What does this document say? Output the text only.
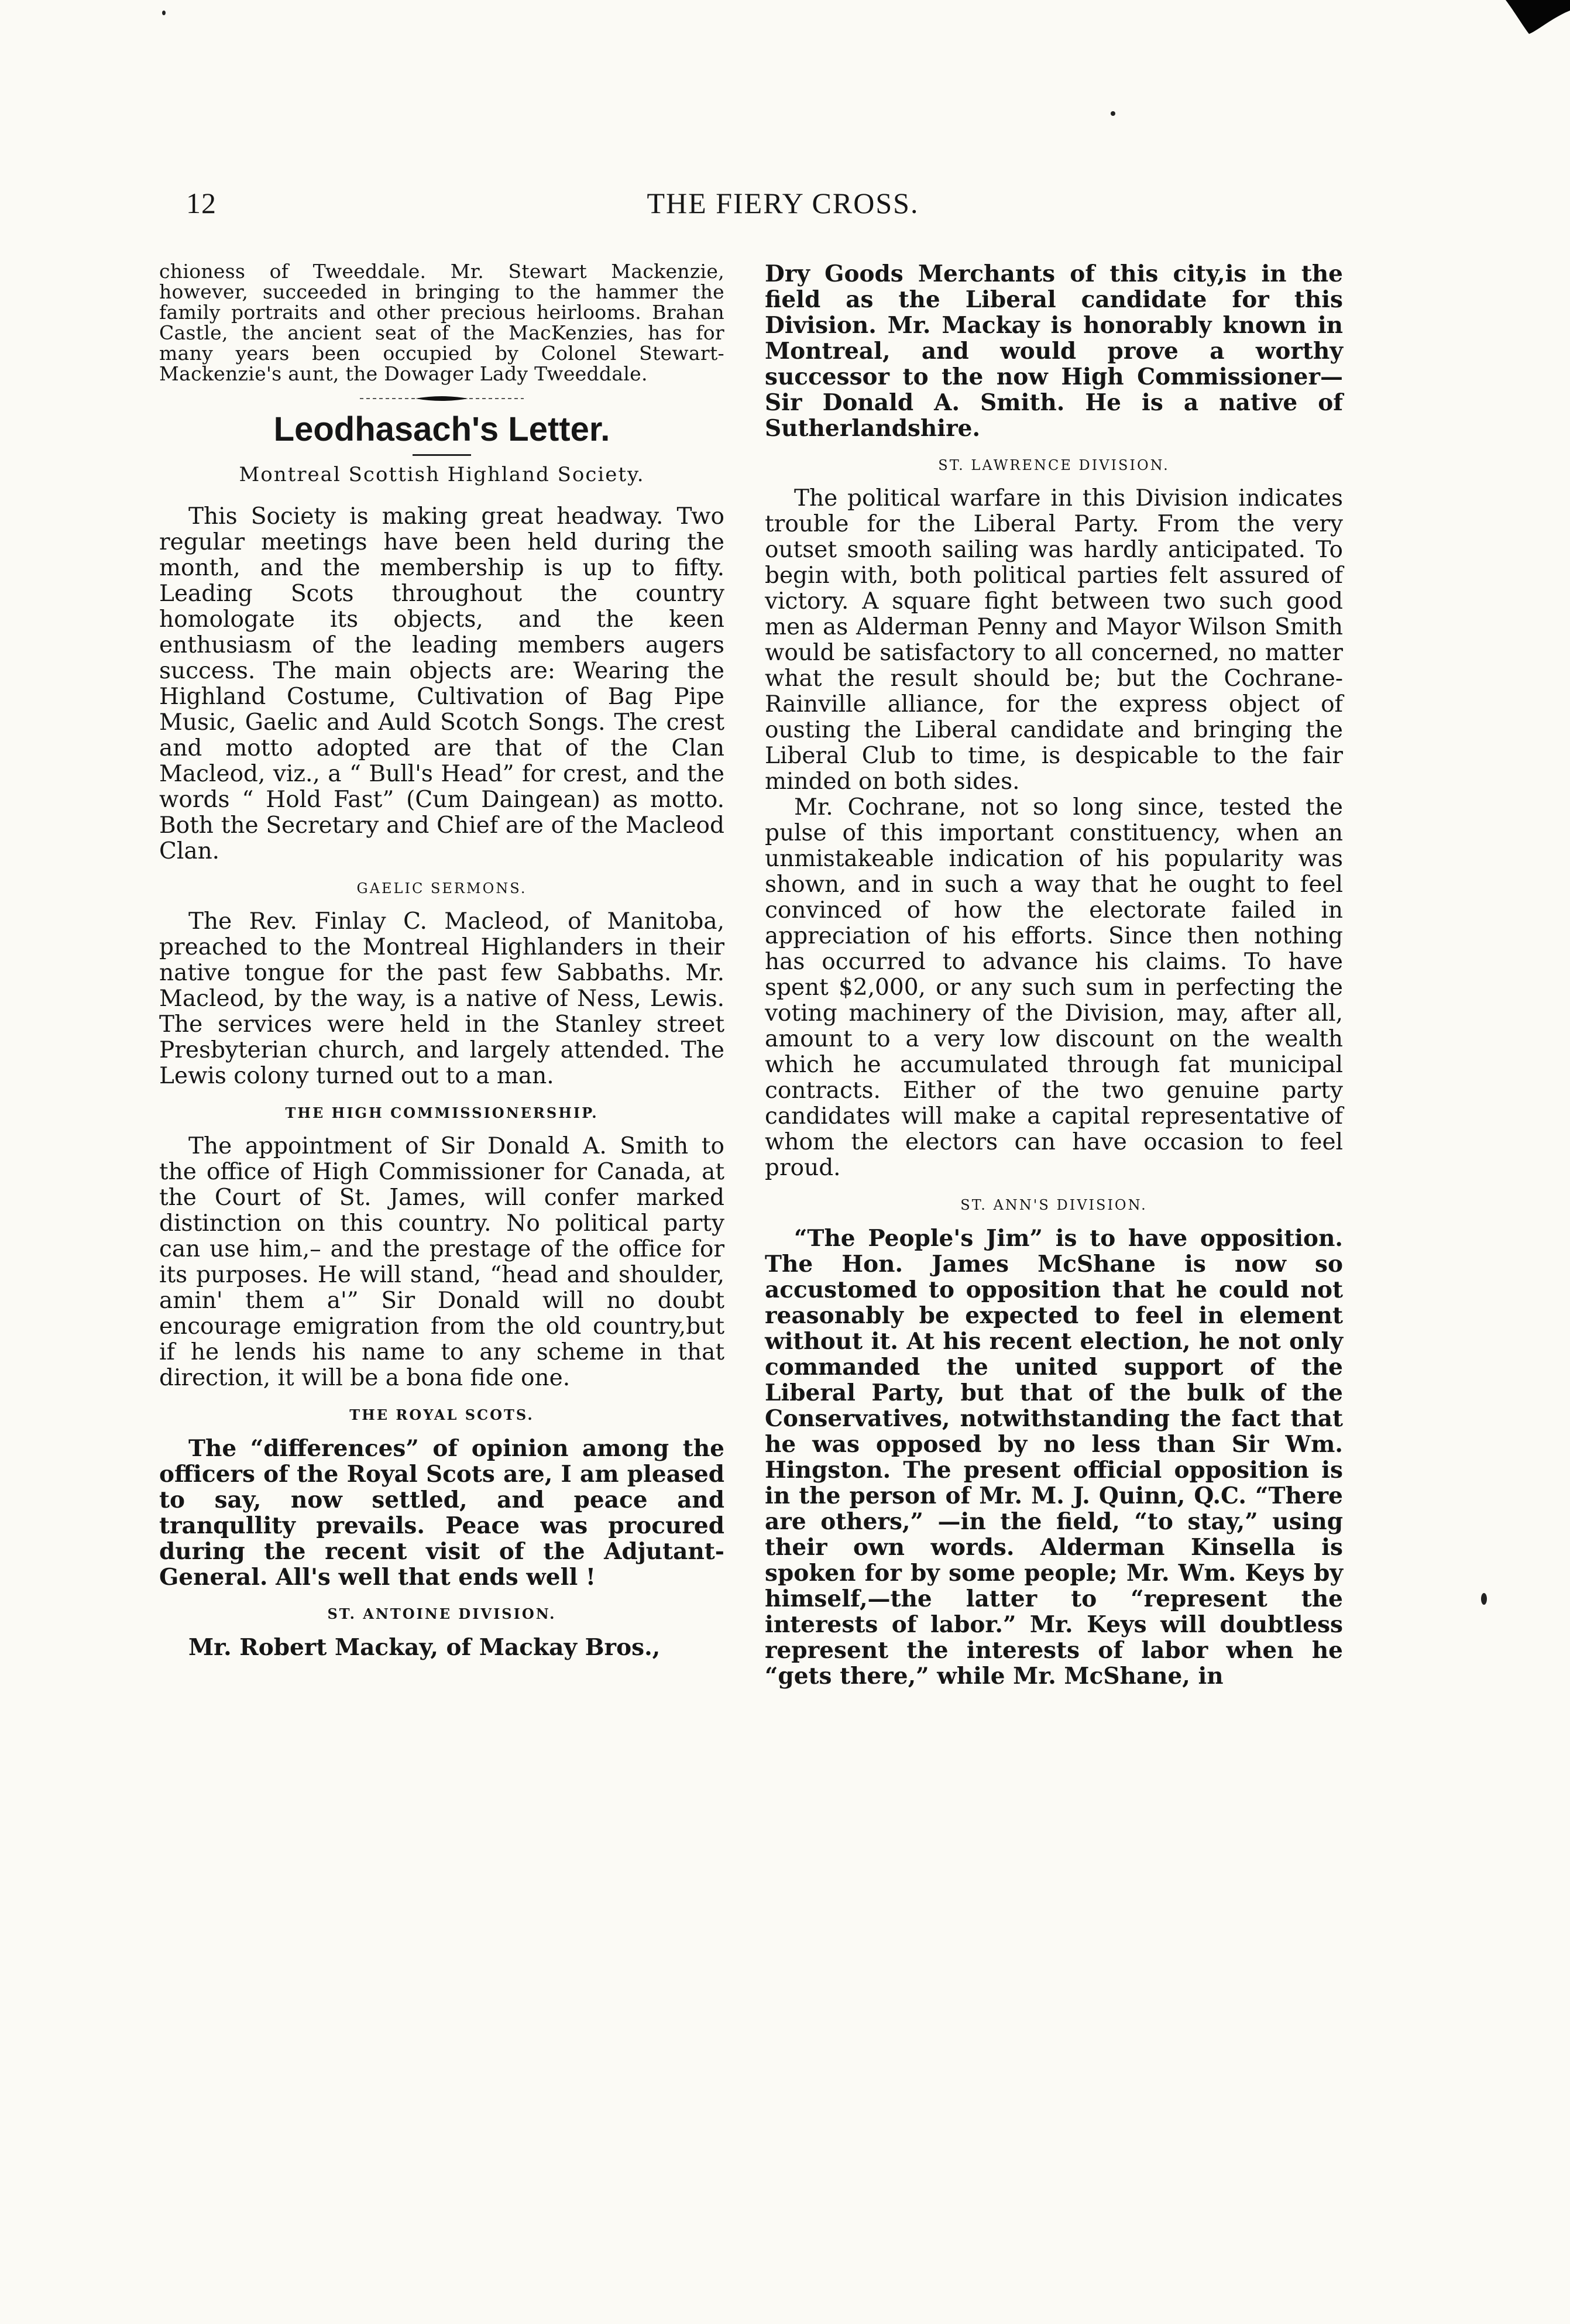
12	THE FIERY CROSS.

chioness of Tweeddale. Mr. Stewart Mackenzie, however, succeeded in bringing to the hammer the family portraits and other precious heirlooms. Brahan Castle, the ancient seat of the MacKenzies, has for many years been occupied by Colonel Stewart-Mackenzie's aunt, the Dowager Lady Tweeddale.

Leodhasach's Letter.
Montreal Scottish Highland Society.

This Society is making great headway. Two regular meetings have been held during the month, and the membership is up to fifty. Leading Scots throughout the country homologate its objects, and the keen enthusiasm of the leading members augers success. The main objects are: Wearing the Highland Costume, Cultivation of Bag Pipe Music, Gaelic and Auld Scotch Songs. The crest and motto adopted are that of the Clan Macleod, viz., a “ Bull's Head” for crest, and the words “ Hold Fast” (Cum Daingean) as motto. Both the Secretary and Chief are of the Macleod Clan.

GAELIC SERMONS.

The Rev. Finlay C. Macleod, of Manitoba, preached to the Montreal Highlanders in their native tongue for the past few Sabbaths. Mr. Macleod, by the way, is a native of Ness, Lewis. The services were held in the Stanley street Presbyterian church, and largely attended. The Lewis colony turned out to a man.

THE HIGH COMMISSIONERSHIP.

The appointment of Sir Donald A. Smith to the office of High Commissioner for Canada, at the Court of St. James, will confer marked distinction on this country. No political party can use him,– and the prestage of the office for its purposes. He will stand, “head and shoulder, amin' them a'” Sir Donald will no doubt encourage emigration from the old country,but if he lends his name to any scheme in that direction, it will be a bona fide one.

THE ROYAL SCOTS.

The “differences” of opinion among the officers of the Royal Scots are, I am pleased to say, now settled, and peace and tranqullity prevails. Peace was procured during the recent visit of the Adjutant-General. All's well that ends well !

ST. ANTOINE DIVISION.

Mr. Robert Mackay, of Mackay Bros.,

Dry Goods Merchants of this city,is in the field as the Liberal candidate for this Division. Mr. Mackay is honorably known in Montreal, and would prove a worthy successor to the now High Commissioner—Sir Donald A. Smith. He is a native of Sutherlandshire.

ST. LAWRENCE DIVISION.

The political warfare in this Division indicates trouble for the Liberal Party. From the very outset smooth sailing was hardly anticipated. To begin with, both political parties felt assured of victory. A square fight between two such good men as Alderman Penny and Mayor Wilson Smith would be satisfactory to all concerned, no matter what the result should be; but the Cochrane-Rainville alliance, for the express object of ousting the Liberal candidate and bringing the Liberal Club to time, is despicable to the fair minded on both sides.

Mr. Cochrane, not so long since, tested the pulse of this important constituency, when an unmistakeable indication of his popularity was shown, and in such a way that he ought to feel convinced of how the electorate failed in appreciation of his efforts. Since then nothing has occurred to advance his claims. To have spent $2,000, or any such sum in perfecting the voting machinery of the Division, may, after all, amount to a very low discount on the wealth which he accumulated through fat municipal contracts. Either of the two genuine party candidates will make a capital representative of whom the electors can have occasion to feel proud.

ST. ANN'S DIVISION.

“The People's Jim” is to have opposition. The Hon. James McShane is now so accustomed to opposition that he could not reasonably be expected to feel in element without it. At his recent election, he not only commanded the united support of the Liberal Party, but that of the bulk of the Conservatives, notwithstanding the fact that he was opposed by no less than Sir Wm. Hingston. The present official opposition is in the person of Mr. M. J. Quinn, Q.C. “There are others,” —in the field, “to stay,” using their own words. Alderman Kinsella is spoken for by some people; Mr. Wm. Keys by himself,—the latter to “represent the interests of labor.” Mr. Keys will doubtless represent the interests of labor when he “gets there,” while Mr. McShane, in
